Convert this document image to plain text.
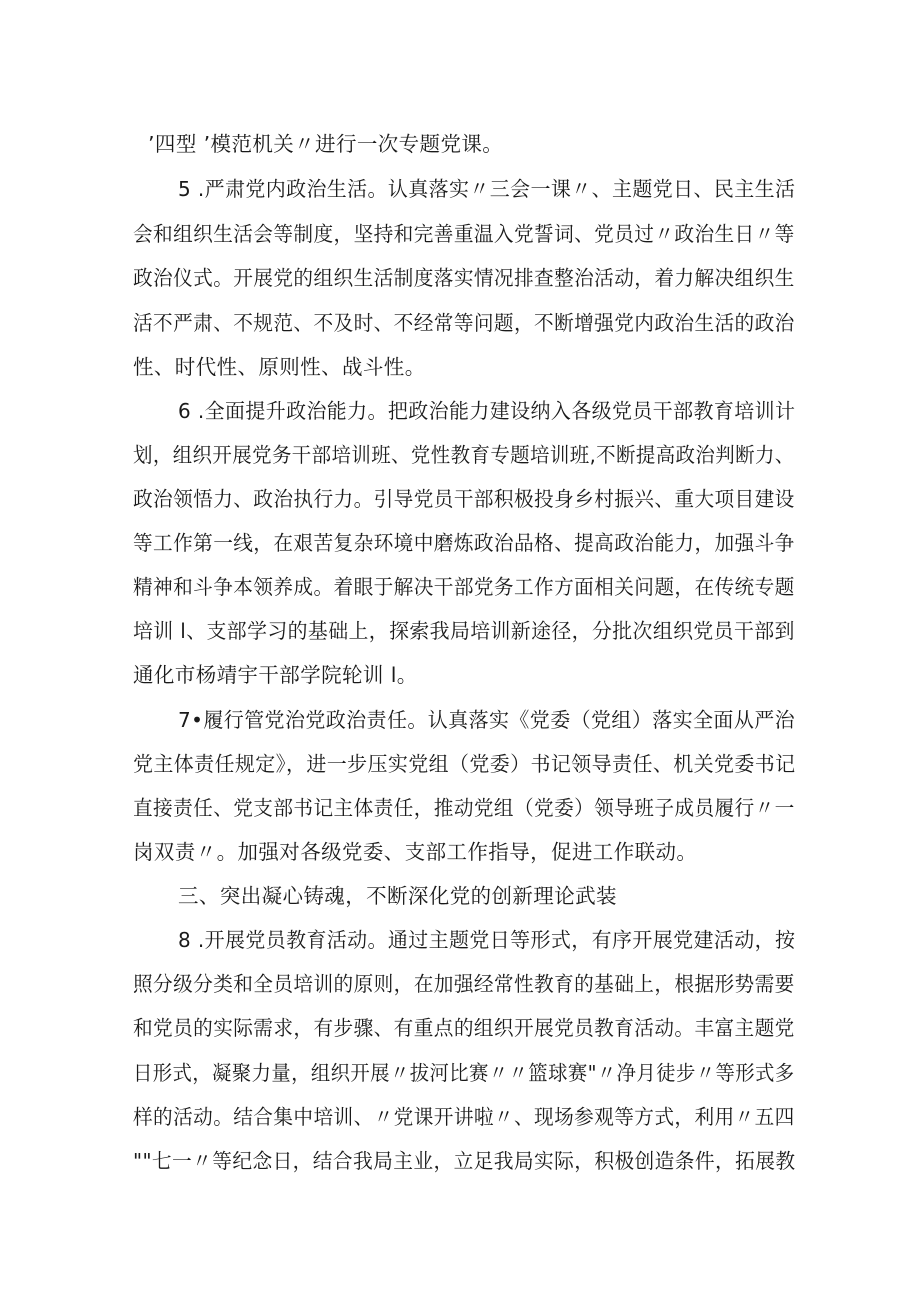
’四型 ’模范机关〃进行一次专题党课。
5 .严肃党内政治生活。认真落实〃三会一课〃、主题党日、民主生活
会和组织生活会等制度，坚持和完善重温入党誓词、党员过〃政治生日〃等
政治仪式。开展党的组织生活制度落实情况排查整治活动，着力解决组织生
活不严肃、不规范、不及时、不经常等问题，不断增强党内政治生活的政治
性、时代性、原则性、战斗性。
6 .全面提升政治能力。把政治能力建设纳入各级党员干部教育培训计
划，组织开展党务干部培训班、党性教育专题培训班,不断提高政治判断力、
政治领悟力、政治执行力。引导党员干部积极投身乡村振兴、重大项目建设
等工作第一线，在艰苦复杂环境中磨炼政治品格、提高政治能力，加强斗争
精神和斗争本领养成。着眼于解决干部党务工作方面相关问题，在传统专题
培训 l、支部学习的基础上，探索我局培训新途径，分批次组织党员干部到
通化市杨靖宇干部学院轮训 l。
7•履行管党治党政治责任。认真落实《党委（党组）落实全面从严治
党主体责任规定》，进一步压实党组（党委）书记领导责任、机关党委书记
直接责任、党支部书记主体责任，推动党组（党委）领导班子成员履行〃一
岗双责〃。加强对各级党委、支部工作指导，促进工作联动。
三、突出凝心铸魂，不断深化党的创新理论武装
8 .开展党员教育活动。通过主题党日等形式，有序开展党建活动，按
照分级分类和全员培训的原则，在加强经常性教育的基础上，根据形势需要
和党员的实际需求，有步骤、有重点的组织开展党员教育活动。丰富主题党
日形式，凝聚力量，组织开展〃拔河比赛〃〃篮球赛"〃净月徒步〃等形式多
样的活动。结合集中培训、〃党课开讲啦〃、现场参观等方式，利用〃五四
""七一〃等纪念日，结合我局主业，立足我局实际，积极创造条件，拓展教
